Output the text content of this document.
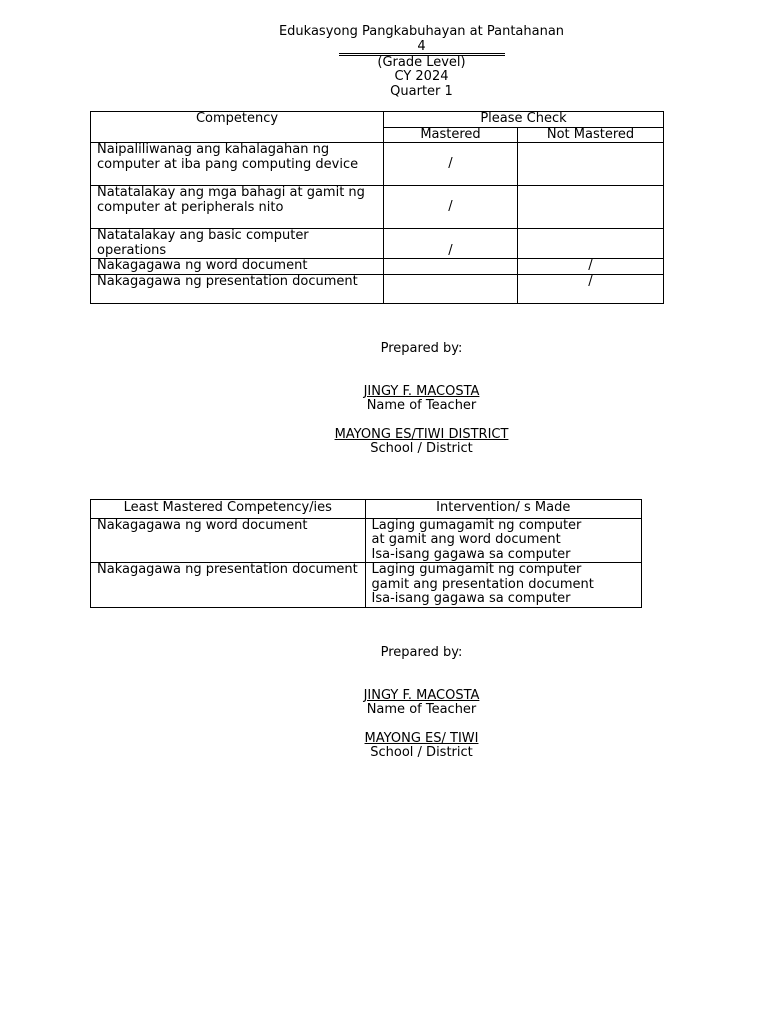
Edukasyong Pangkabuhayan at Pantahanan
4
(Grade Level)
CY 2024
Quarter 1
Competency	Please Check	
	Mastered	Not Mastered
Naipaliliwanag ang kahalagahan ng computer at iba pang computing device	/	
Natatalakay ang mga bahagi at gamit ng computer at peripherals nito	/	
Natatalakay ang basic computer operations	/	
Nakagagawa ng word document		/
Nakagagawa ng presentation document		/
Prepared by:
JINGY F. MACOSTA
Name of Teacher
MAYONG ES/TIWI DISTRICT
School / District
Least Mastered Competency/ies	Intervention/ s Made
Nakagagawa ng word document	Laging gumagamit ng computer
at gamit ang word document
Isa-isang gagawa sa computer

Nakagagawa ng presentation document	Laging gumagamit ng computer
gamit ang presentation document
Isa-isang gagawa sa computer
Prepared by:
JINGY F. MACOSTA
Name of Teacher
MAYONG ES/ TIWI
School / District
